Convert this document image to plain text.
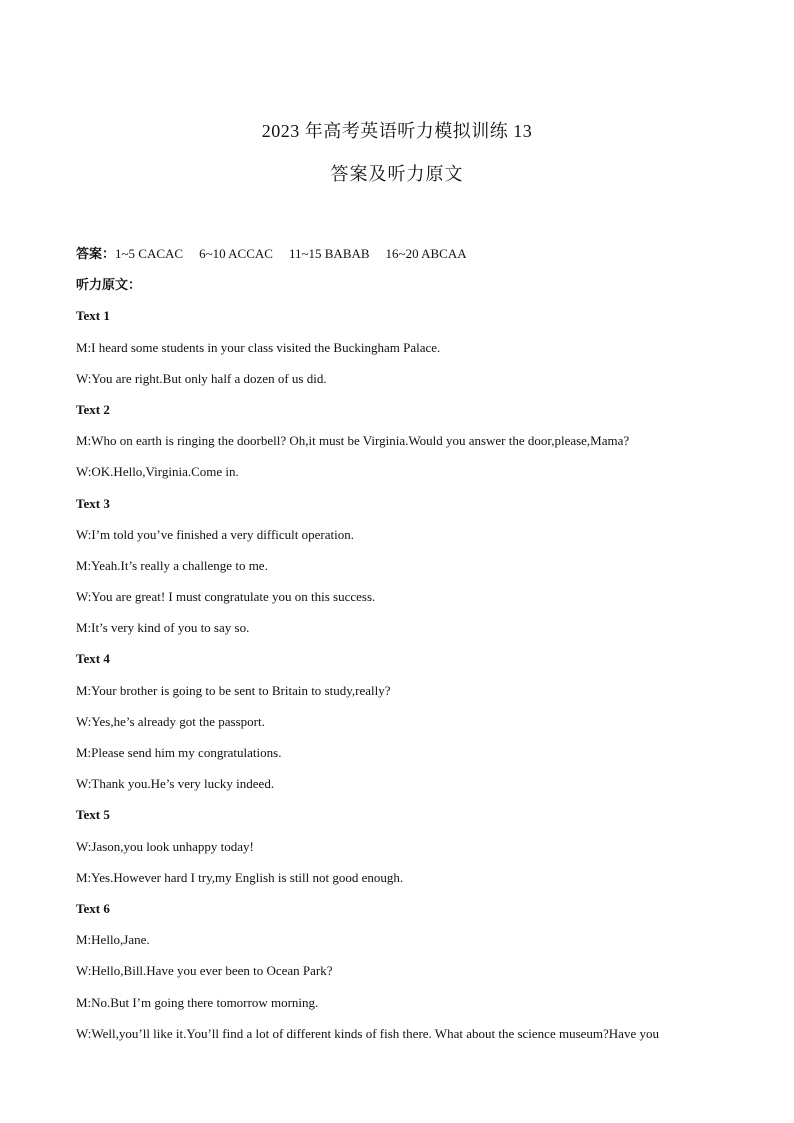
2023 年高考英语听力模拟训练 13
答案及听力原文
答案：1~5 CACAC 6~10 ACCAC 11~15 BABAB 16~20 ABCAA
听力原文：
Text 1
M:I heard some students in your class visited the Buckingham Palace.
W:You are right.But only half a dozen of us did.
Text 2
M:Who on earth is ringing the doorbell? Oh,it must be Virginia.Would you answer the door,please,Mama?
W:OK.Hello,Virginia.Come in.
Text 3
W:I’m told you’ve finished a very difficult operation.
M:Yeah.It’s really a challenge to me.
W:You are great! I must congratulate you on this success.
M:It’s very kind of you to say so.
Text 4
M:Your brother is going to be sent to Britain to study,really?
W:Yes,he’s already got the passport.
M:Please send him my congratulations.
W:Thank you.He’s very lucky indeed.
Text 5
W:Jason,you look unhappy today!
M:Yes.However hard I try,my English is still not good enough.
Text 6
M:Hello,Jane.
W:Hello,Bill.Have you ever been to Ocean Park?
M:No.But I’m going there tomorrow morning.
W:Well,you’ll like it.You’ll find a lot of different kinds of fish there. What about the science museum?Have you
